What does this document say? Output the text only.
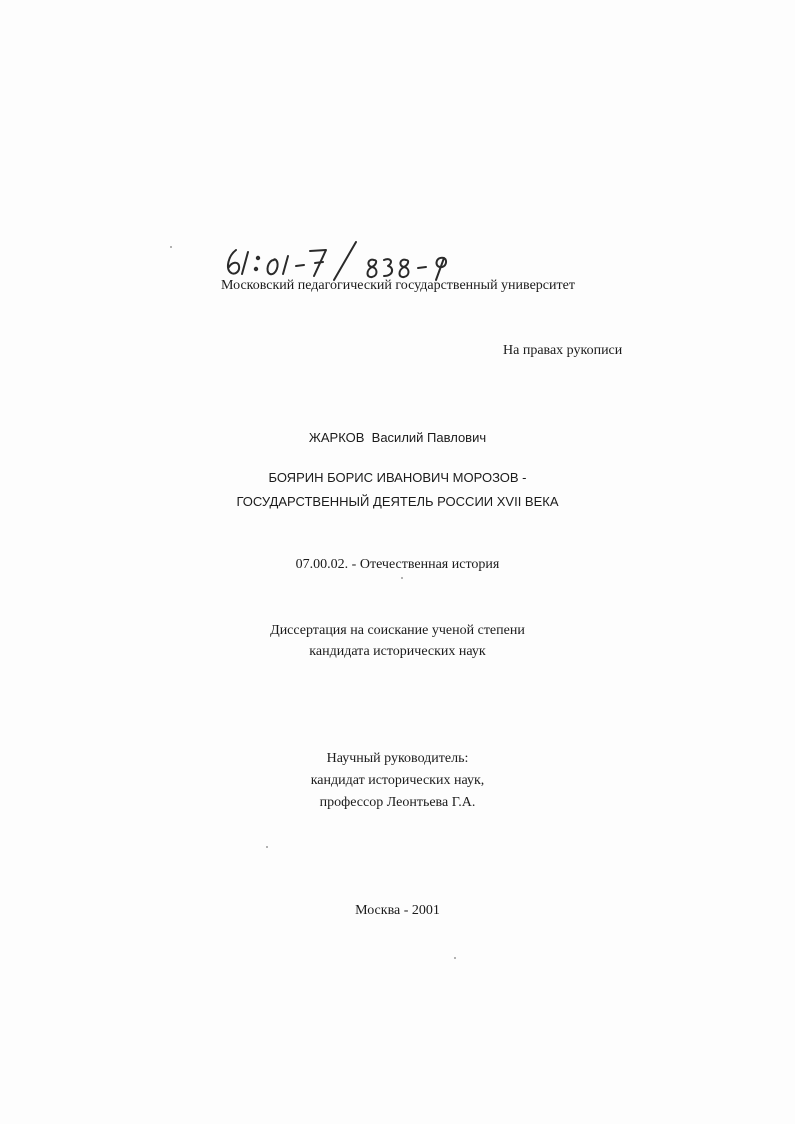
Московский педагогический государственный университет
На правах рукописи
ЖАРКОВ Василий Павлович
БОЯРИН БОРИС ИВАНОВИЧ МОРОЗОВ -
ГОСУДАРСТВЕННЫЙ ДЕЯТЕЛЬ РОССИИ XVII ВЕКА
07.00.02. - Отечественная история
Диссертация на соискание ученой степени
кандидата исторических наук
Научный руководитель:
кандидат исторических наук,
профессор Леонтьева Г.А.
Москва - 2001
